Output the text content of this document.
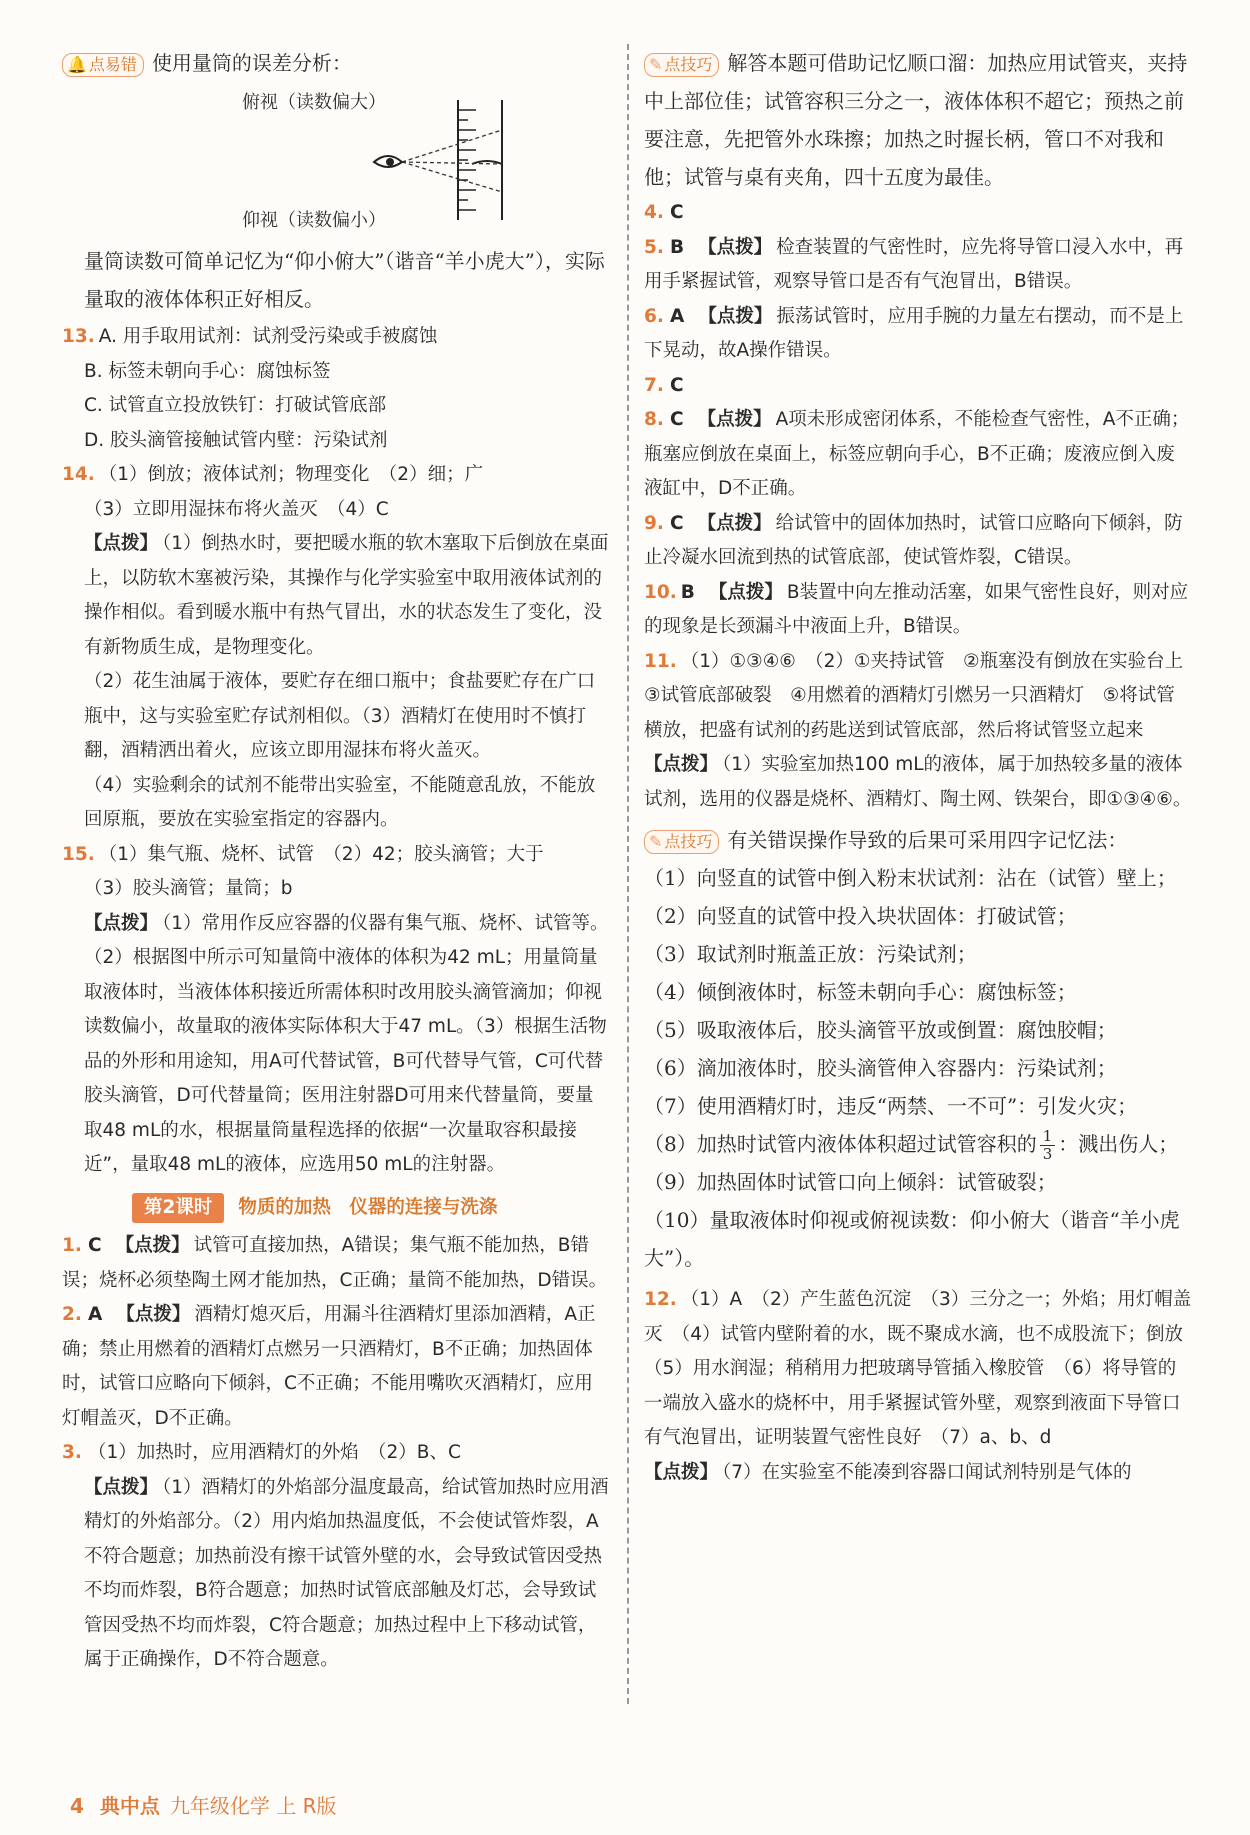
🔔 点易错 使用量筒的误差分析：
俯视（读数偏大）
仰视（读数偏小）

量筒读数可简单记忆为“仰小俯大”（谐音“羊小虎大”），实际量取的液体体积正好相反。

13. A. 用手取用试剂：试剂受污染或手被腐蚀
B. 标签未朝向手心：腐蚀标签
C. 试管直立投放铁钉：打破试管底部
D. 胶头滴管接触试管内壁：污染试剂
14. （1）倒放；液体试剂；物理变化　（2）细；广
（3）立即用湿抹布将火盖灭　（4）C

【点拨】 （1）倒热水时，要把暖水瓶的软木塞取下后倒放在桌面上，以防软木塞被污染，其操作与化学实验室中取用液体试剂的操作相似。看到暖水瓶中有热气冒出，水的状态发生了变化，没有新物质生成，是物理变化。

（2）花生油属于液体，要贮存在细口瓶中；食盐要贮存在广口瓶中，这与实验室贮存试剂相似。（3）酒精灯在使用时不慎打翻，酒精洒出着火，应该立即用湿抹布将火盖灭。

（4）实验剩余的试剂不能带出实验室，不能随意乱放，不能放回原瓶，要放在实验室指定的容器内。

15. （1）集气瓶、烧杯、试管　（2）42；胶头滴管；大于
（3）胶头滴管；量筒；b

【点拨】 （1）常用作反应容器的仪器有集气瓶、烧杯、试管等。（2）根据图中所示可知量筒中液体的体积为42 mL；用量筒量取液体时，当液体体积接近所需体积时改用胶头滴管滴加；仰视读数偏小，故量取的液体实际体积大于47 mL。（3）根据生活物品的外形和用途知，用A可代替试管，B可代替导气管，C可代替胶头滴管，D可代替量筒；医用注射器D可用来代替量筒，要量取48 mL的水，根据量筒量程选择的依据“一次量取容积最接近”，量取48 mL的液体，应选用50 mL的注射器。

第2课时 物质的加热　仪器的连接与洗涤

1. C 【点拨】 试管可直接加热，A错误；集气瓶不能加热，B错误；烧杯必须垫陶土网才能加热，C正确；量筒不能加热，D错误。

2. A 【点拨】 酒精灯熄灭后，用漏斗往酒精灯里添加酒精，A正确；禁止用燃着的酒精灯点燃另一只酒精灯，B不正确；加热固体时，试管口应略向下倾斜，C不正确；不能用嘴吹灭酒精灯，应用灯帽盖灭，D不正确。

3. （1）加热时，应用酒精灯的外焰　（2）B、C

【点拨】 （1）酒精灯的外焰部分温度最高，给试管加热时应用酒精灯的外焰部分。（2）用内焰加热温度低，不会使试管炸裂，A不符合题意；加热前没有擦干试管外壁的水，会导致试管因受热不均而炸裂，B符合题意；加热时试管底部触及灯芯，会导致试管因受热不均而炸裂，C符合题意；加热过程中上下移动试管，属于正确操作，D不符合题意。

✎ 点技巧 解答本题可借助记忆顺口溜：加热应用试管夹，夹持中上部位佳；试管容积三分之一，液体体积不超它；预热之前要注意，先把管外水珠擦；加热之时握长柄，管口不对我和他；试管与桌有夹角，四十五度为最佳。

4. C

5. B 【点拨】 检查装置的气密性时，应先将导管口浸入水中，再用手紧握试管，观察导管口是否有气泡冒出，B错误。

6. A 【点拨】 振荡试管时，应用手腕的力量左右摆动，而不是上下晃动，故A操作错误。

7. C

8. C 【点拨】 A项未形成密闭体系，不能检查气密性，A不正确；瓶塞应倒放在桌面上，标签应朝向手心，B不正确；废液应倒入废液缸中，D不正确。

9. C 【点拨】 给试管中的固体加热时，试管口应略向下倾斜，防止冷凝水回流到热的试管底部，使试管炸裂，C错误。

10. B 【点拨】 B装置中向左推动活塞，如果气密性良好，则对应的现象是长颈漏斗中液面上升，B错误。

11. （1）①③④⑥　（2）①夹持试管　②瓶塞没有倒放在实验台上　③试管底部破裂　④用燃着的酒精灯引燃另一只酒精灯　⑤将试管横放，把盛有试剂的药匙送到试管底部，然后将试管竖立起来

【点拨】 （1）实验室加热100 mL的液体，属于加热较多量的液体试剂，选用的仪器是烧杯、酒精灯、陶土网、铁架台，即①③④⑥。

✎ 点技巧 有关错误操作导致的后果可采用四字记忆法：
（1）向竖直的试管中倒入粉末状试剂：沾在（试管）壁上；
（2）向竖直的试管中投入块状固体：打破试管；
（3）取试剂时瓶盖正放：污染试剂；
（4）倾倒液体时，标签未朝向手心：腐蚀标签；
（5）吸取液体后，胶头滴管平放或倒置：腐蚀胶帽；
（6）滴加液体时，胶头滴管伸入容器内：污染试剂；
（7）使用酒精灯时，违反“两禁、一不可”：引发火灾；
（8）加热时试管内液体体积超过试管容积的 $\frac{1}{3}$ ：溅出伤人；
（9）加热固体时试管口向上倾斜：试管破裂；
（10）量取液体时仰视或俯视读数：仰小俯大（谐音“羊小虎大”）。

12. （1）A　（2）产生蓝色沉淀　（3）三分之一；外焰；用灯帽盖灭　（4）试管内壁附着的水，既不聚成水滴，也不成股流下；倒放　（5）用水润湿；稍稍用力把玻璃导管插入橡胶管　（6）将导管的一端放入盛水的烧杯中，用手紧握试管外壁，观察到液面下导管口有气泡冒出，证明装置气密性良好　（7）a、b、d

【点拨】 （7）在实验室不能凑到容器口闻试剂特别是气体的

4 典中点 九年级化学 上 R版
